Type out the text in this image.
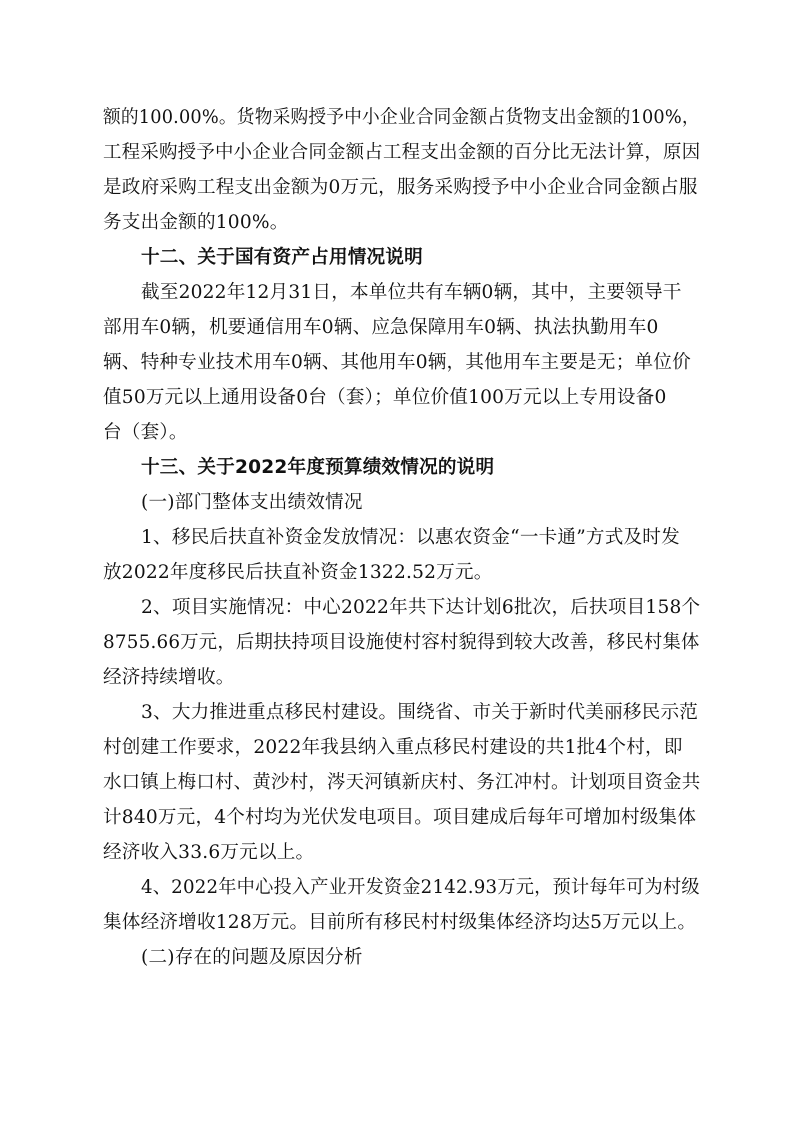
额的100.00%。货物采购授予中小企业合同金额占货物支出金额的100%，
工程采购授予中小企业合同金额占工程支出金额的百分比无法计算，原因
是政府采购工程支出金额为0万元，服务采购授予中小企业合同金额占服
务支出金额的100%。
十二、关于国有资产占用情况说明
截至2022年12月31日，本单位共有车辆0辆，其中，主要领导干
部用车0辆，机要通信用车0辆、应急保障用车0辆、执法执勤用车0
辆、特种专业技术用车0辆、其他用车0辆，其他用车主要是无；单位价
值50万元以上通用设备0台（套）；单位价值100万元以上专用设备0
台（套）。
十三、关于2022年度预算绩效情况的说明
(一)部门整体支出绩效情况
1、移民后扶直补资金发放情况：以惠农资金“一卡通”方式及时发
放2022年度移民后扶直补资金1322.52万元。
2、项目实施情况：中心2022年共下达计划6批次，后扶项目158个
8755.66万元，后期扶持项目设施使村容村貌得到较大改善，移民村集体
经济持续增收。
3、大力推进重点移民村建设。围绕省、市关于新时代美丽移民示范
村创建工作要求，2022年我县纳入重点移民村建设的共1批4个村，即
水口镇上梅口村、黄沙村，涔天河镇新庆村、务江冲村。计划项目资金共
计840万元，4个村均为光伏发电项目。项目建成后每年可增加村级集体
经济收入33.6万元以上。
4、2022年中心投入产业开发资金2142.93万元，预计每年可为村级
集体经济增收128万元。目前所有移民村村级集体经济均达5万元以上。
(二)存在的问题及原因分析
